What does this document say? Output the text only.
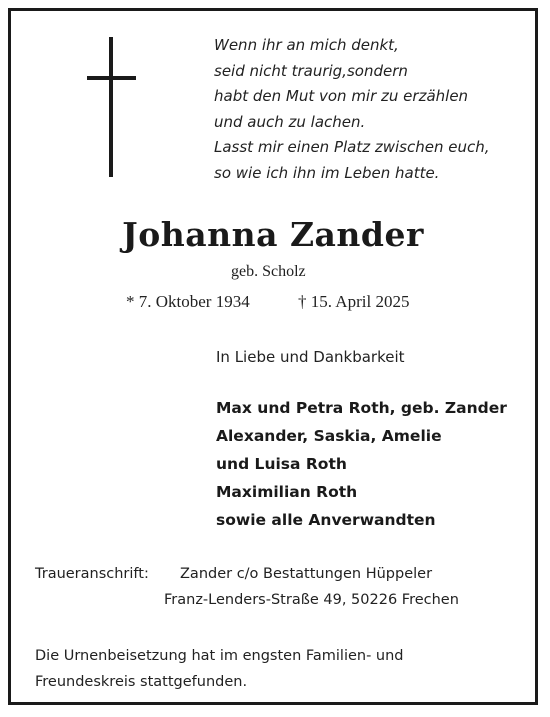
Wenn ihr an mich denkt,
seid nicht traurig,sondern
habt den Mut von mir zu erzählen
und auch zu lachen.
Lasst mir einen Platz zwischen euch,
so wie ich ihn im Leben hatte.
Johanna Zander
geb. Scholz
* 7. Oktober 1934	† 15. April 2025
In Liebe und Dankbarkeit
Max und Petra Roth, geb. Zander
Alexander, Saskia, Amelie
und Luisa Roth
Maximilian Roth
sowie alle Anverwandten
Traueranschrift: Zander c/o Bestattungen Hüppeler
Franz-Lenders-Straße 49, 50226 Frechen
Die Urnenbeisetzung hat im engsten Familien- und
Freundeskreis stattgefunden.
